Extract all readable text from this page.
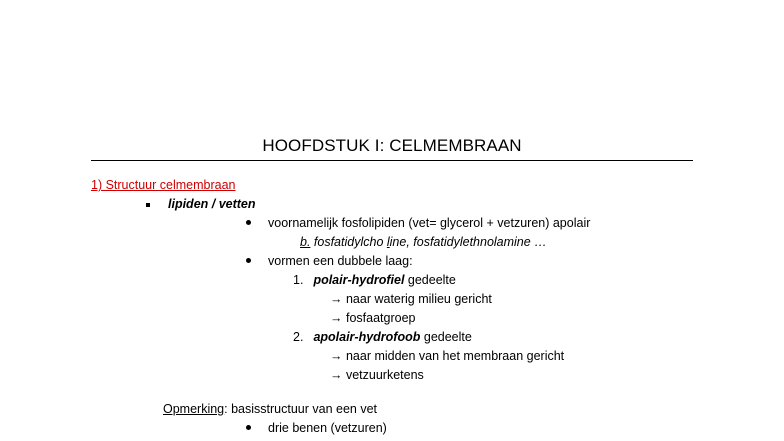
HOOFDSTUK I: CELMEMBRAAN
1) Structuur celmembraan
lipiden / vetten
voornamelijk fosfolipiden (vet= glycerol + vetzuren) apolair
b. fosfatidylcho line, fosfatidylethnolamine …
vormen een dubbele laag:
1. polair-hydrofiel gedeelte
→ naar waterig milieu gericht
→ fosfaatgroep
2. apolair-hydrofoob gedeelte
→ naar midden van het membraan gericht
→ vetzuurketens
Opmerking: basisstructuur van een vet
drie benen (vetzuren)
